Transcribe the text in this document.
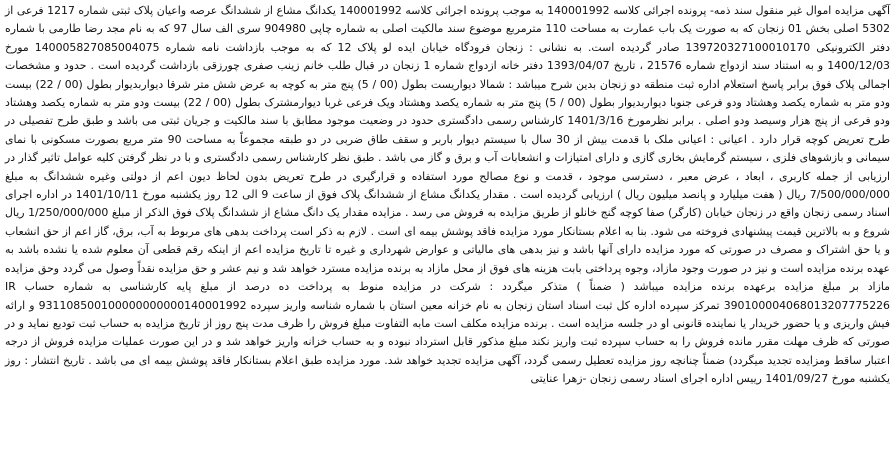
آگهی مزایده اموال غیر منقول سند ذمه- پرونده اجرائی کلاسه 140001992 به موجب پرونده اجرائی کلاسه 140001992 یکدانگ مشاع از ششدانگ عرصه واعیان پلاک ثبتی شماره 1217 فرعی از 5302 اصلی بخش 01 زنجان که به صورت یک باب عمارت به مساحت 110 مترمربع موضوع سند مالکیت اصلی به شماره چاپی 904980 سری الف سال 97 که به نام مجد رضا طارمی با شماره دفتر الکترونیکی 13972032710001017​0 صادر گردیده است. به نشانی : زنجان فرودگاه خیابان ایده لو پلاک 12 که به موجب بازداشت نامه شماره 140005827085004075 مورخ 1400/12/03 و به استناد سند ازدواج شماره 21576 ، تاریخ 1393/04/07 دفتر خانه ازدواج شماره 1 زنجان در قبال طلب خانم زینب صفری چورزقی بازداشت گردیده است . حدود و مشخصات اجمالی پلاک فوق برابر پاسخ استعلام اداره ثبت منطقه دو زنجان بدین شرح میباشد : شمالا دیواریست بطول (00 / 5) پنج متر به کوچه به عرض شش متر شرقا دیواربدیوار بطول (00 / 22) بیست ودو متر به شماره یکصد وهشتاد ودو فرعی جنوبا دیواربدیوار بطول (00 / 5) پنج متر به شماره یکصد وهشتاد ویک فرعی غربا دیوارمشترک بطول (00 / 22) بیست ودو متر به شماره یکصد وهشتاد ودو فرعی از پنج هزار وسیصد ودو اصلی . برابر نظرمورخ 1401/3/16 کارشناس رسمی دادگستری حدود در وضعیت موجود مطابق با سند مالکیت و جریان ثبتی می باشد و طبق طرح تفصیلی در طرح تعریض کوچه قرار دارد . اعیانی : اعیانی ملک با قدمت بیش از 30 سال با سیستم دیوار باربر و سقف طاق ضربی در دو طبقه مجموعاً به مساحت 90 متر مربع بصورت مسکونی با نمای سیمانی و بازشوهای فلزی ، سیستم گرمایش بخاری گازی و دارای امتیازات و انشعابات آب و برق و گاز می باشد . طبق نظر کارشناس رسمی دادگستری و با در نظر گرفتن کلیه عوامل تاثیر گذار در ارزیابی از جمله کاربری ، ابعاد ، عرض معبر ، دسترسی موجود ، قدمت و نوع مصالح مورد استفاده و قرارگیری در طرح تعریض بدون لحاظ دیون اعم از دولتی وغیره ششدانگ به مبلغ 7/500/000/000 ریال ( هفت میلیارد و پانصد میلیون ریال ) ارزیابی گردیده است . مقدار یکدانگ مشاع از ششدانگ پلاک فوق از ساعت 9 الی 12 روز یکشنبه مورخ 1401/10/11 در اداره اجرای اسناد رسمی زنجان واقع در زنجان خیابان (کارگر) صفا کوچه گنج خانلو از طریق مزایده به فروش می رسد . مزایده مقدار یک دانگ مشاع از ششدانگ پلاک فوق الذکر از مبلغ 1/250/000/000 ریال شروع و به بالاترین قیمت پیشنهادی فروخته می شود. بنا به اعلام بستانکار مورد مزایده فاقد پوشش بیمه ای است . لازم به ذکر است پرداخت بدهی های مربوط به آب، برق، گاز اعم از حق انشعاب و یا حق اشتراک و مصرف در صورتی که مورد مزایده دارای آنها باشد و نیز بدهی های مالیاتی و عوارض شهرداری و غیره تا تاریخ مزایده اعم از اینکه رقم قطعی آن معلوم شده یا نشده باشد به عهده برنده مزایده است و نیز در صورت وجود مازاد، وجوه پرداختی بابت هزینه های فوق از محل مازاد به برنده مزایده مسترد خواهد شد و نیم عشر و حق مزایده نقداً وصول می گردد وحق مزایده مازاد بر مبلغ مزایده برعهده برنده مزایده میباشد ( ضمناً ) متذکر میگردد : شرکت در مزایده منوط به پرداخت ده درصد از مبلغ پایه کارشناسی به شماره حساب IR 390100004068013207775226 تمرکز سپرده اداره کل ثبت اسناد استان زنجان به نام خزانه معین استان با شماره شناسه واریز سپرده 931108500100000000000140001992 و ارائه فیش واریزی و یا حضور خریدار یا نماینده قانونی او در جلسه مزایده است . برنده مزایده مکلف است مابه التفاوت مبلغ فروش را ظرف مدت پنج روز از تاریخ مزایده به حساب ثبت تودیع نماید و در صورتی که ظرف مهلت مقرر مانده فروش را به حساب سپرده ثبت واریز نکند مبلغ مذکور قابل استرداد نبوده و به حساب خزانه واریز خواهد شد و در این صورت عملیات مزایده فروش از درجه اعتبار ساقط ومزایده تجدید میگردد) ضمناً چنانچه روز مزایده تعطیل رسمی گردد، آگهی مزایده تجدید خواهد شد. مورد مزایده طبق اعلام بستانکار فاقد پوشش بیمه ای می باشد . تاریخ انتشار : روز یکشنبه مورخ 1401/09/27 رییس اداره اجرای اسناد رسمی زنجان -زهرا عنایتی
